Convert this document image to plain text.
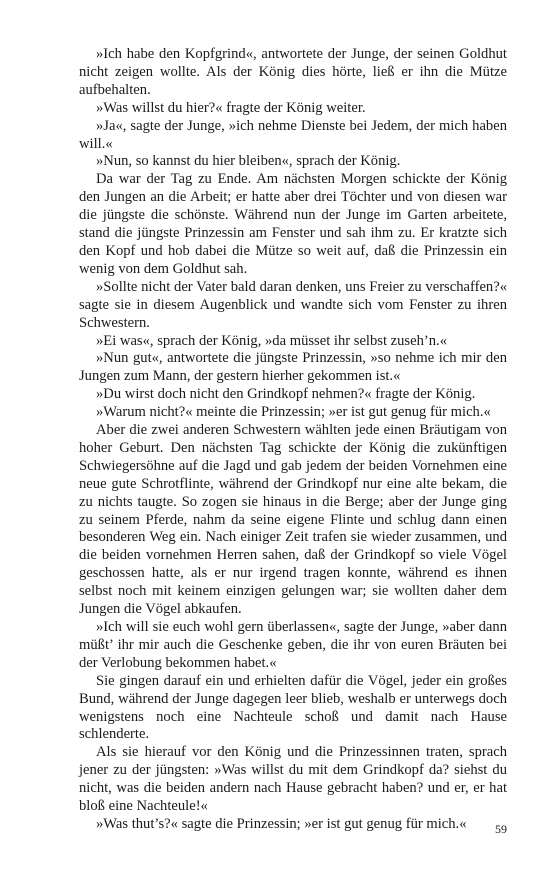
»Ich habe den Kopfgrind«, antwortete der Junge, der seinen Goldhut nicht zeigen wollte. Als der König dies hörte, ließ er ihn die Mütze aufbehalten.

»Was willst du hier?« fragte der König weiter.

»Ja«, sagte der Junge, »ich nehme Dienste bei Jedem, der mich haben will.«

»Nun, so kannst du hier bleiben«, sprach der König.

Da war der Tag zu Ende. Am nächsten Morgen schickte der König den Jungen an die Arbeit; er hatte aber drei Töchter und von diesen war die jüngste die schönste. Während nun der Junge im Garten arbeitete, stand die jüngste Prinzessin am Fenster und sah ihm zu. Er kratzte sich den Kopf und hob dabei die Mütze so weit auf, daß die Prinzessin ein wenig von dem Goldhut sah.

»Sollte nicht der Vater bald daran denken, uns Freier zu verschaffen?« sagte sie in diesem Augenblick und wandte sich vom Fenster zu ihren Schwestern.

»Ei was«, sprach der König, »da müsset ihr selbst zuseh’n.«

»Nun gut«, antwortete die jüngste Prinzessin, »so nehme ich mir den Jungen zum Mann, der gestern hierher gekommen ist.«

»Du wirst doch nicht den Grindkopf nehmen?« fragte der König.

»Warum nicht?« meinte die Prinzessin; »er ist gut genug für mich.«

Aber die zwei anderen Schwestern wählten jede einen Bräutigam von hoher Geburt. Den nächsten Tag schickte der König die zukünftigen Schwiegersöhne auf die Jagd und gab jedem der beiden Vornehmen eine neue gute Schrotflinte, während der Grindkopf nur eine alte bekam, die zu nichts taugte. So zogen sie hinaus in die Berge; aber der Junge ging zu seinem Pferde, nahm da seine eigene Flinte und schlug dann einen besonderen Weg ein. Nach einiger Zeit trafen sie wieder zusammen, und die beiden vornehmen Herren sahen, daß der Grindkopf so viele Vögel geschossen hatte, als er nur irgend tragen konnte, während es ihnen selbst noch mit keinem einzigen gelungen war; sie wollten daher dem Jungen die Vögel abkaufen.

»Ich will sie euch wohl gern überlassen«, sagte der Junge, »aber dann müßt’ ihr mir auch die Geschenke geben, die ihr von euren Bräuten bei der Verlobung bekommen habet.«

Sie gingen darauf ein und erhielten dafür die Vögel, jeder ein großes Bund, während der Junge dagegen leer blieb, weshalb er unterwegs doch wenigstens noch eine Nachteule schoß und damit nach Hause schlenderte.

Als sie hierauf vor den König und die Prinzessinnen traten, sprach jener zu der jüngsten: »Was willst du mit dem Grindkopf da? siehst du nicht, was die beiden andern nach Hause gebracht haben? und er, er hat bloß eine Nachteule!«

»Was thut’s?« sagte die Prinzessin; »er ist gut genug für mich.«	59
